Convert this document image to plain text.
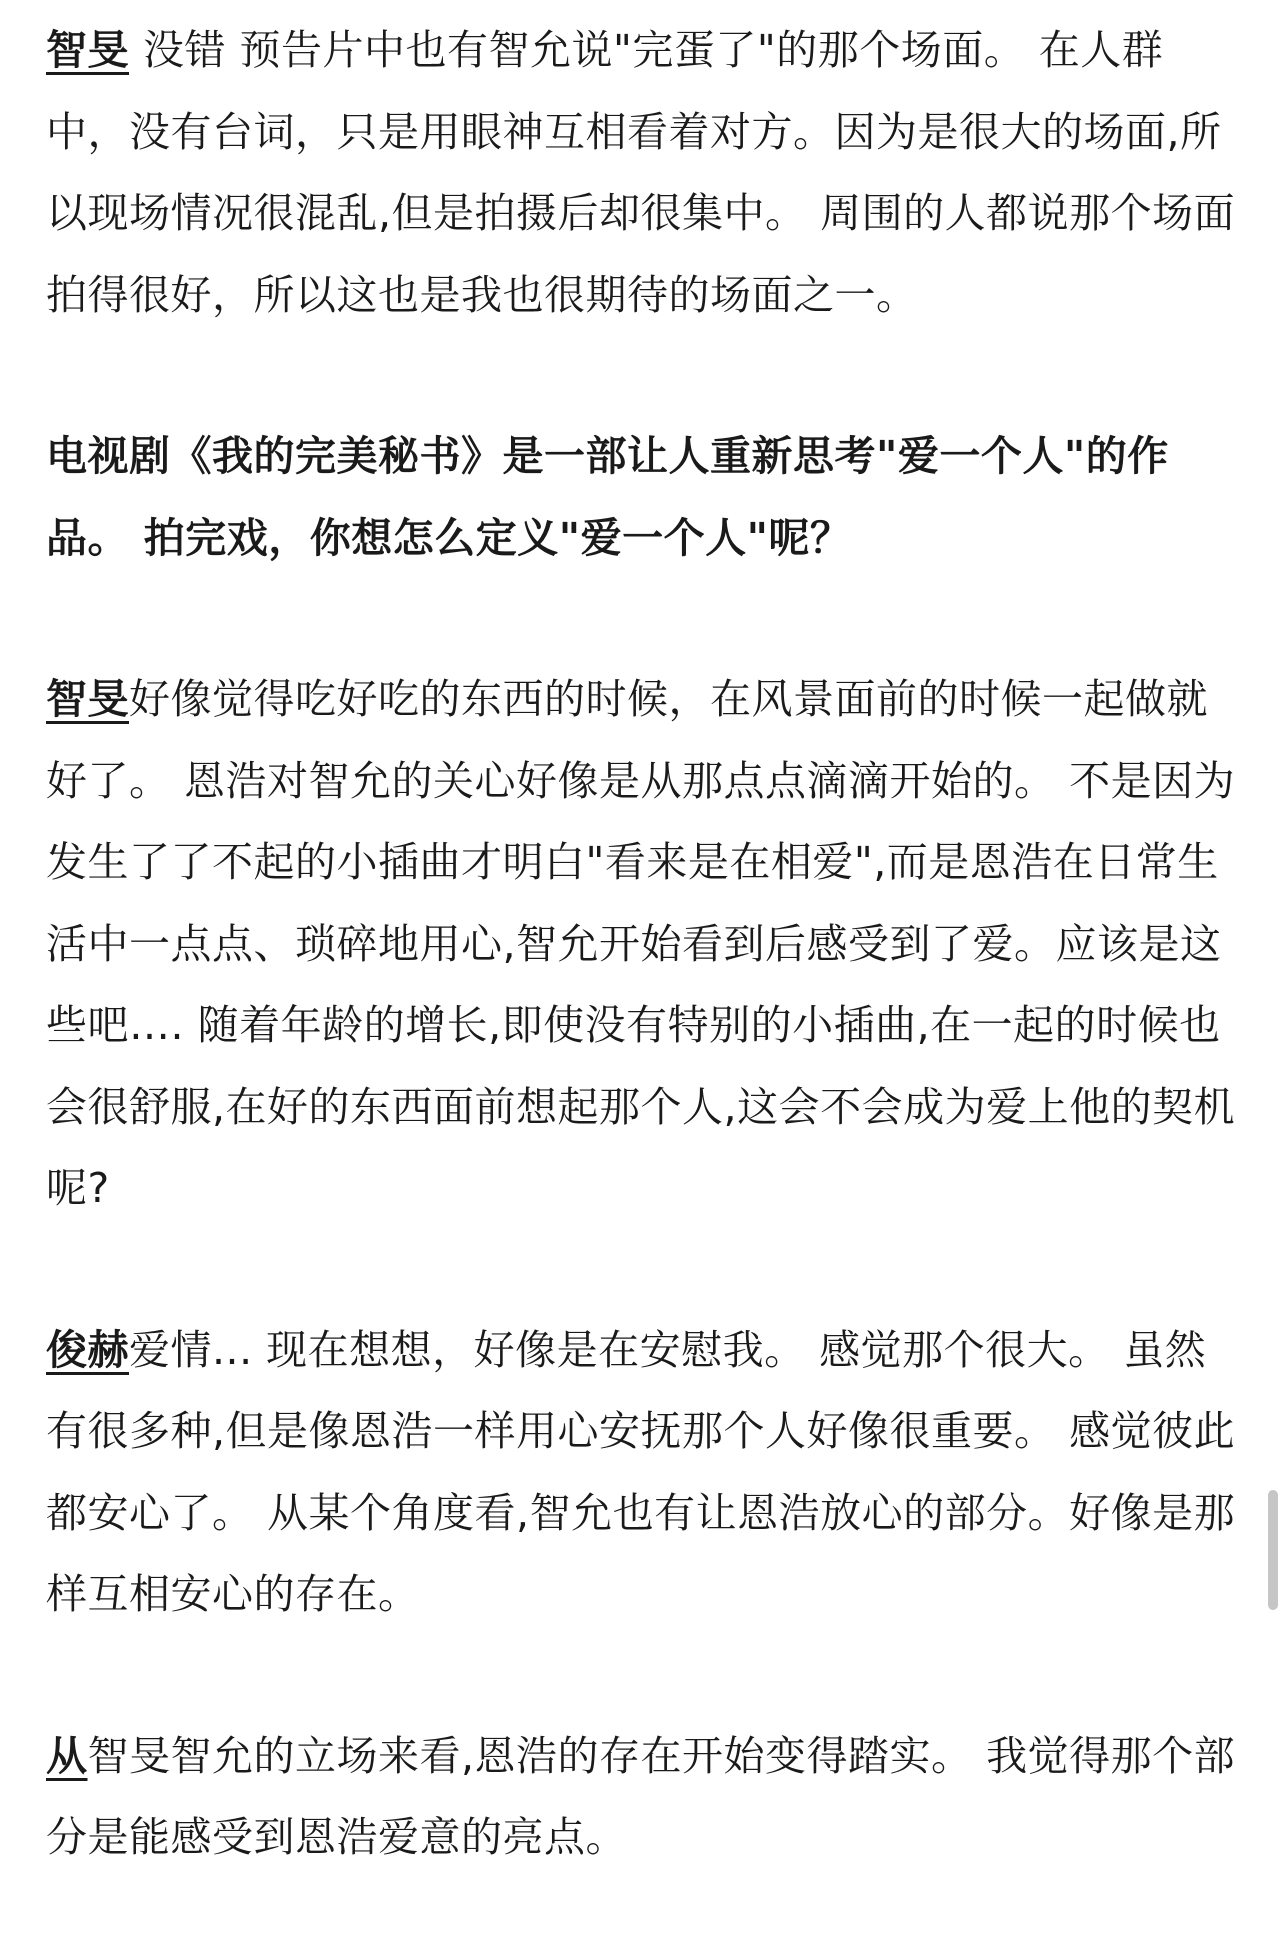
智旻 没错 预告片中也有智允说"完蛋了"的那个场面。 在人群中，没有台词，只是用眼神互相看着对方。因为是很大的场面,所以现场情况很混乱,但是拍摄后却很集中。 周围的人都说那个场面拍得很好，所以这也是我也很期待的场面之一。

电视剧《我的完美秘书》是一部让人重新思考"爱一个人"的作品。 拍完戏，你想怎么定义"爱一个人"呢？

智旻好像觉得吃好吃的东西的时候，在风景面前的时候一起做就好了。 恩浩对智允的关心好像是从那点点滴滴开始的。 不是因为发生了了不起的小插曲才明白"看来是在相爱",而是恩浩在日常生活中一点点、琐碎地用心,智允开始看到后感受到了爱。应该是这些吧…. 随着年龄的增长,即使没有特别的小插曲,在一起的时候也会很舒服,在好的东西面前想起那个人,这会不会成为爱上他的契机呢?

俊赫爱情... 现在想想，好像是在安慰我。 感觉那个很大。 虽然有很多种,但是像恩浩一样用心安抚那个人好像很重要。 感觉彼此都安心了。 从某个角度看,智允也有让恩浩放心的部分。好像是那样互相安心的存在。

从智旻智允的立场来看,恩浩的存在开始变得踏实。 我觉得那个部分是能感受到恩浩爱意的亮点。
